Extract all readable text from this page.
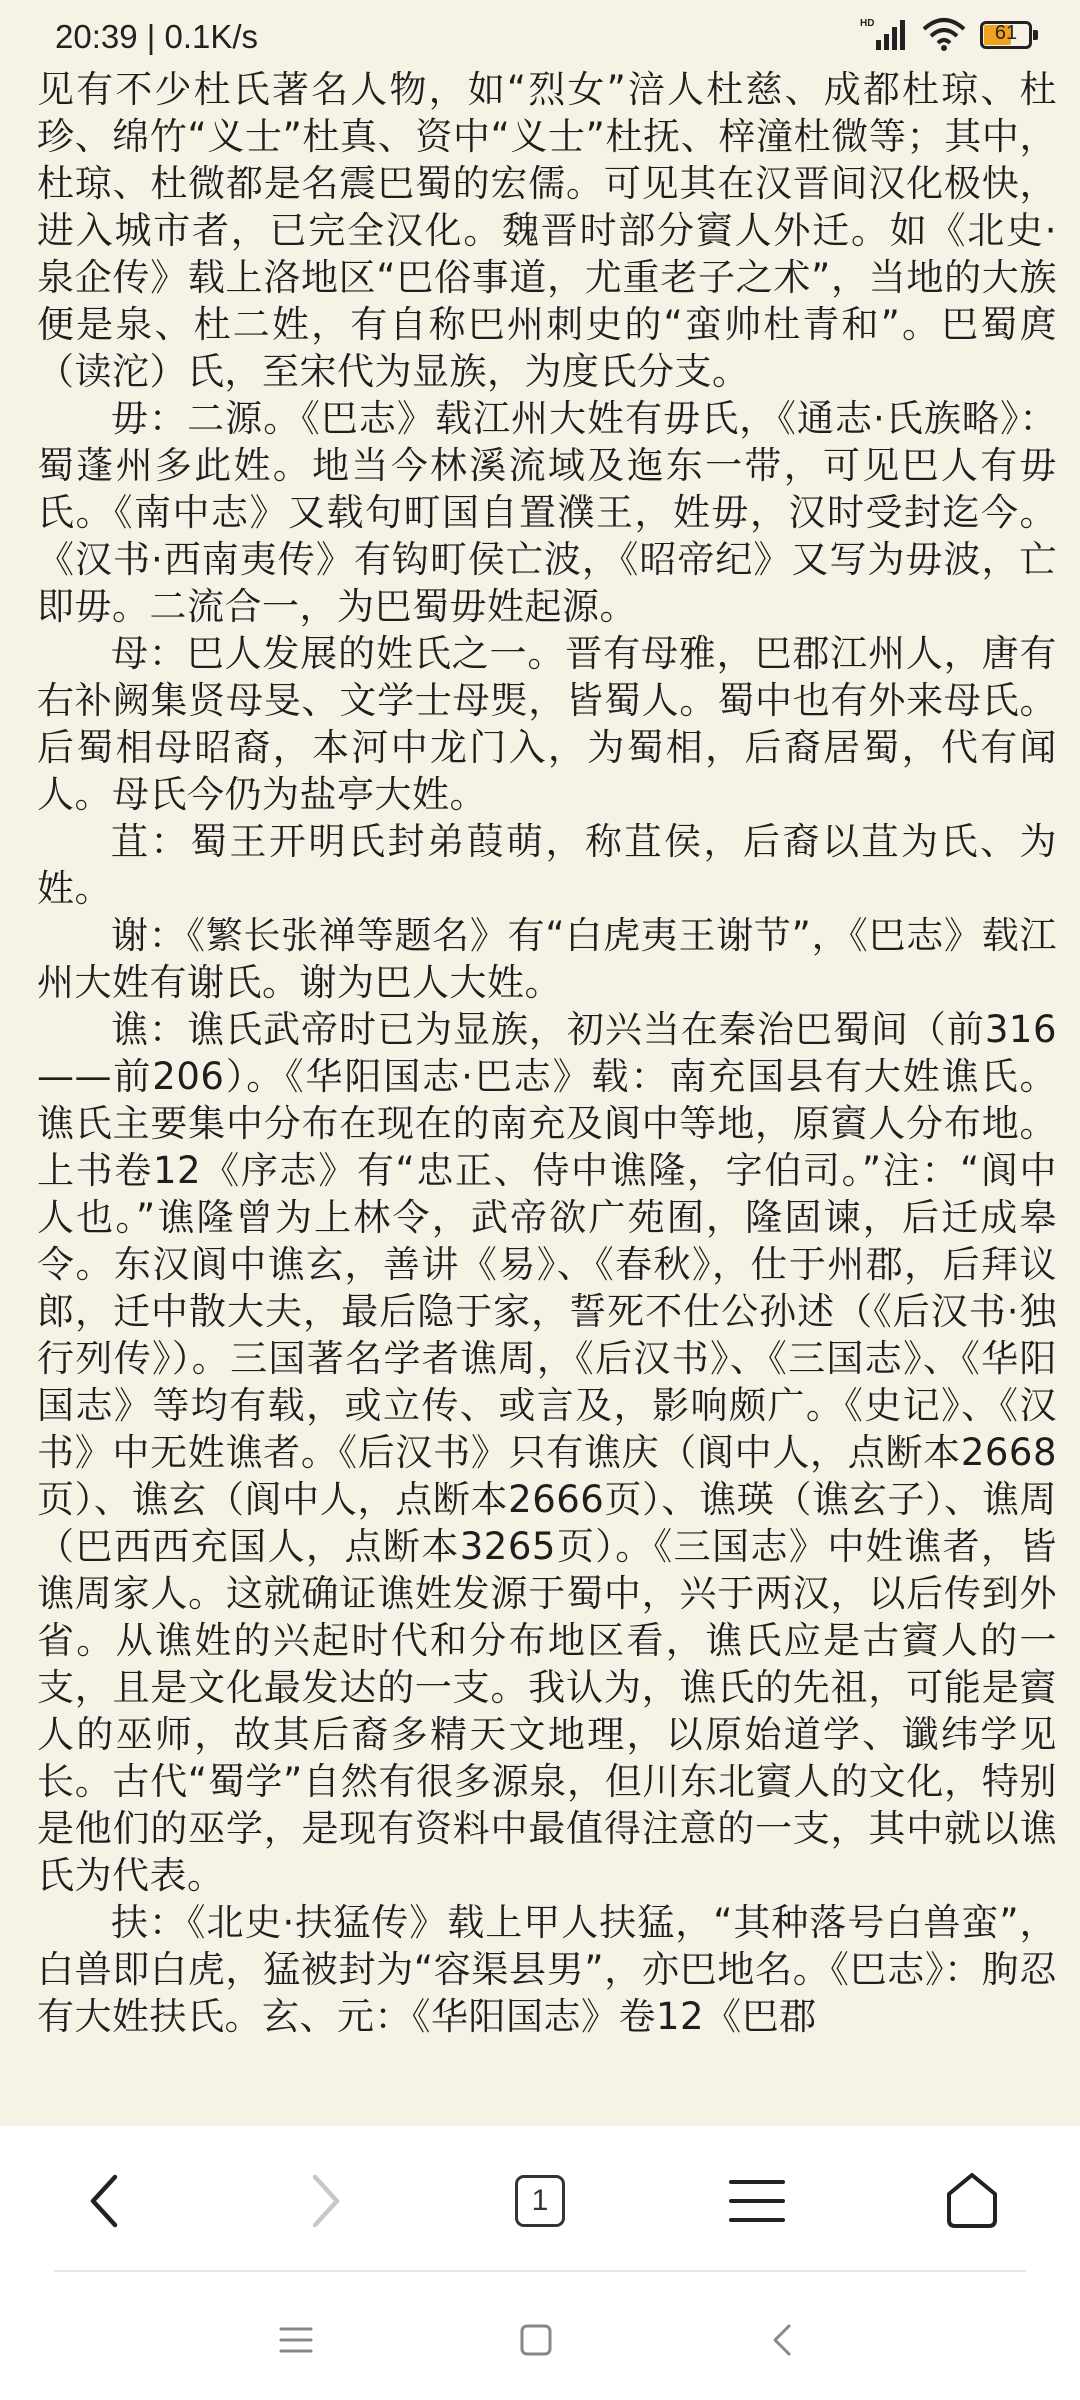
20:39 | 0.1K/s	HD	61

见有不少杜氏著名人物，如“烈女”涪人杜慈、成都杜琼、杜珍、绵竹“义士”杜真、资中“义士”杜抚、梓潼杜微等；其中，杜琼、杜微都是名震巴蜀的宏儒。可见其在汉晋间汉化极快，进入城市者，已完全汉化。魏晋时部分賨人外迁。如《北史·泉企传》载上洛地区“巴俗事道，尤重老子之术”，当地的大族便是泉、杜二姓，有自称巴州刺史的“蛮帅杜青和”。巴蜀庹（读沱）氏，至宋代为显族，为度氏分支。

毋：二源。《巴志》载江州大姓有毋氏，《通志·氏族略》：蜀蓬州多此姓。地当今林溪流域及迤东一带，可见巴人有毋氏。《南中志》又载句町国自置濮王，姓毋，汉时受封迄今。《汉书·西南夷传》有钩町侯亡波，《昭帝纪》又写为毋波，亡即毋。二流合一，为巴蜀毋姓起源。

母：巴人发展的姓氏之一。晋有母雅，巴郡江州人，唐有右补阙集贤母旻、文学士母煚，皆蜀人。蜀中也有外来母氏。后蜀相母昭裔，本河中龙门入，为蜀相，后裔居蜀，代有闻人。母氏今仍为盐亭大姓。

苴：蜀王开明氏封弟葭萌，称苴侯，后裔以苴为氏、为姓。

谢：《繁长张禅等题名》有“白虎夷王谢节”，《巴志》载江州大姓有谢氏。谢为巴人大姓。

谯：谯氏武帝时已为显族，初兴当在秦治巴蜀间（前316——前206）。《华阳国志·巴志》载：南充国县有大姓谯氏。谯氏主要集中分布在现在的南充及阆中等地，原賨人分布地。上书卷12《序志》有“忠正、侍中谯隆，字伯司。”注：“阆中人也。”谯隆曾为上林令，武帝欲广苑囿，隆固谏，后迁成皋令。东汉阆中谯玄，善讲《易》、《春秋》，仕于州郡，后拜议郎，迁中散大夫，最后隐于家，誓死不仕公孙述（《后汉书·独行列传》）。三国著名学者谯周，《后汉书》、《三国志》、《华阳国志》等均有载，或立传、或言及，影响颇广。《史记》、《汉书》中无姓谯者。《后汉书》只有谯庆（阆中人，点断本2668页）、谯玄（阆中人，点断本2666页）、谯瑛（谯玄子）、谯周（巴西西充国人，点断本3265页）。《三国志》中姓谯者，皆谯周家人。这就确证谯姓发源于蜀中，兴于两汉，以后传到外省。从谯姓的兴起时代和分布地区看，谯氏应是古賨人的一支，且是文化最发达的一支。我认为，谯氏的先祖，可能是賨人的巫师，故其后裔多精天文地理，以原始道学、谶纬学见长。古代“蜀学”自然有很多源泉，但川东北賨人的文化，特别是他们的巫学，是现有资料中最值得注意的一支，其中就以谯氏为代表。

扶：《北史·扶猛传》载上甲人扶猛，“其种落号白兽蛮”，白兽即白虎，猛被封为“容渠县男”，亦巴地名。《巴志》：朐忍有大姓扶氏。玄、元：《华阳国志》卷12《巴郡

1
